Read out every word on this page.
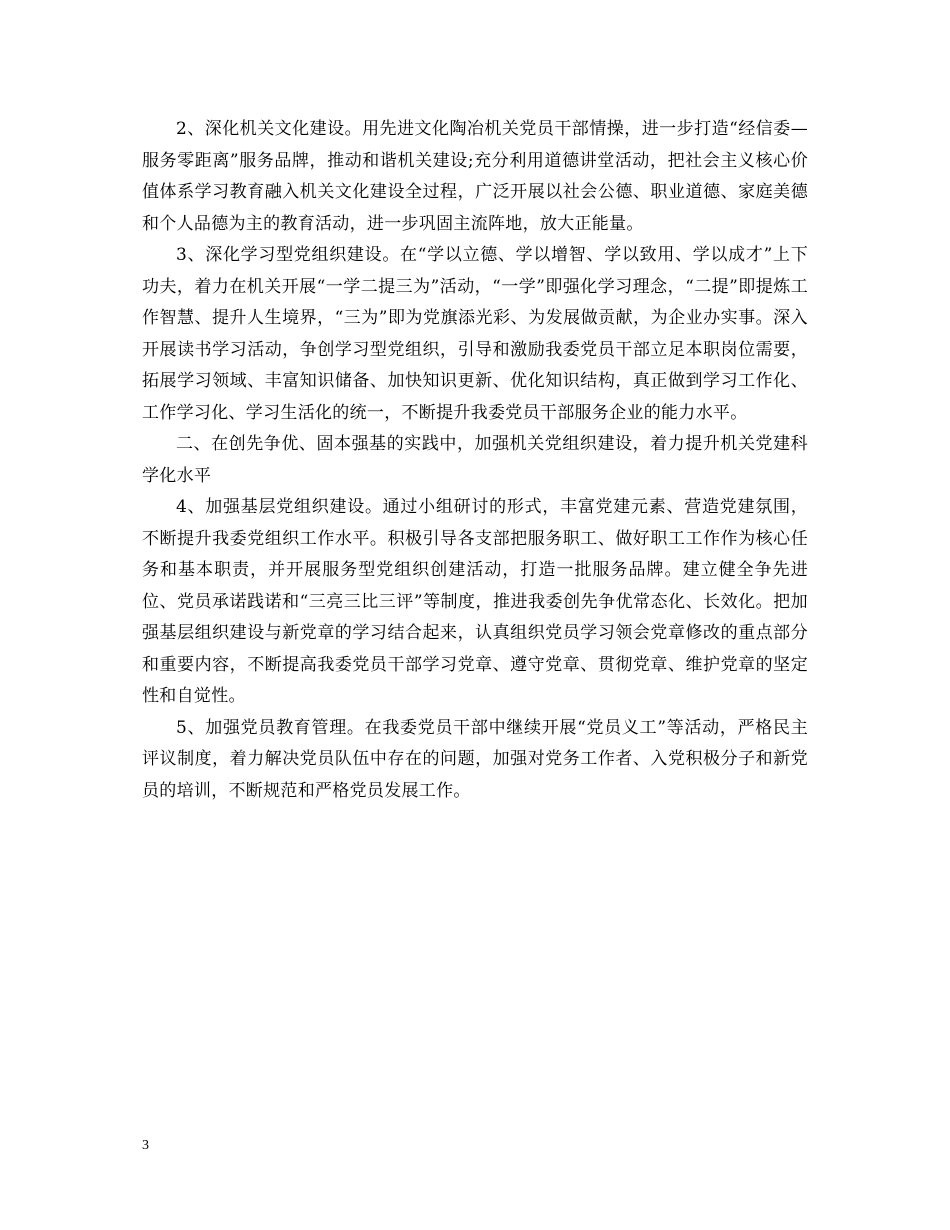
2、深化机关文化建设。用先进文化陶冶机关党员干部情操，进一步打造“经信委—服务零距离”服务品牌，推动和谐机关建设;充分利用道德讲堂活动，把社会主义核心价值体系学习教育融入机关文化建设全过程，广泛开展以社会公德、职业道德、家庭美德和个人品德为主的教育活动，进一步巩固主流阵地，放大正能量。

3、深化学习型党组织建设。在“学以立德、学以增智、学以致用、学以成才”上下功夫，着力在机关开展“一学二提三为”活动，“一学”即强化学习理念，“二提”即提炼工作智慧、提升人生境界，“三为”即为党旗添光彩、为发展做贡献，为企业办实事。深入开展读书学习活动，争创学习型党组织，引导和激励我委党员干部立足本职岗位需要，拓展学习领域、丰富知识储备、加快知识更新、优化知识结构，真正做到学习工作化、工作学习化、学习生活化的统一，不断提升我委党员干部服务企业的能力水平。

二、在创先争优、固本强基的实践中，加强机关党组织建设，着力提升机关党建科学化水平

4、加强基层党组织建设。通过小组研讨的形式，丰富党建元素、营造党建氛围，不断提升我委党组织工作水平。积极引导各支部把服务职工、做好职工工作作为核心任务和基本职责，并开展服务型党组织创建活动，打造一批服务品牌。建立健全争先进位、党员承诺践诺和“三亮三比三评”等制度，推进我委创先争优常态化、长效化。把加强基层组织建设与新党章的学习结合起来，认真组织党员学习领会党章修改的重点部分和重要内容，不断提高我委党员干部学习党章、遵守党章、贯彻党章、维护党章的坚定性和自觉性。

5、加强党员教育管理。在我委党员干部中继续开展“党员义工”等活动，严格民主评议制度，着力解决党员队伍中存在的问题，加强对党务工作者、入党积极分子和新党员的培训，不断规范和严格党员发展工作。

3
